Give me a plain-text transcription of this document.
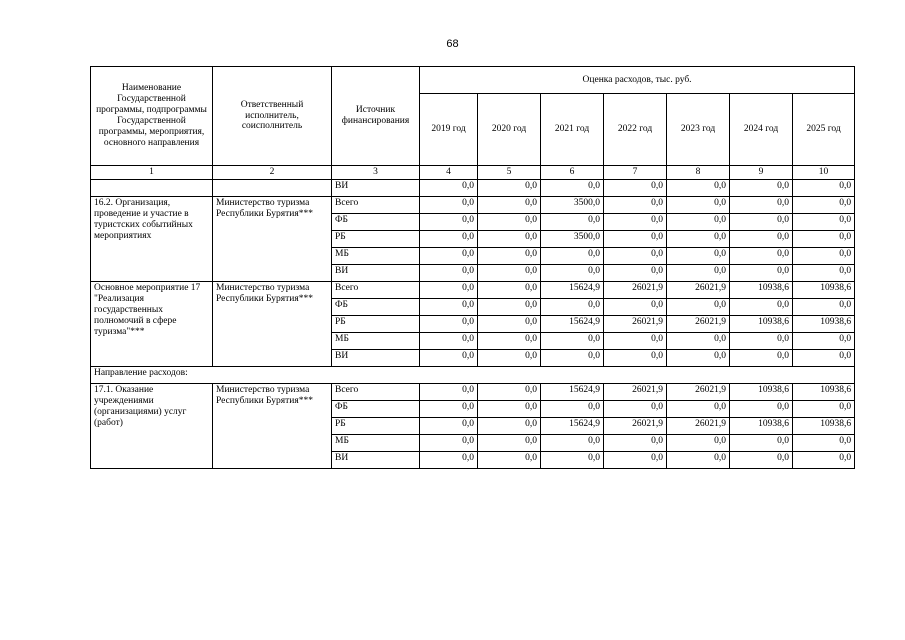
68
Наименование Государственной программы, подпрограммы Государственной программы, мероприятия, основного направления	Ответственный исполнитель, соисполнитель	Источник финансирования	Оценка расходов, тыс. руб.						
			2019 год	2020 год	2021 год	2022 год	2023 год	2024 год	2025 год
1	2	3	4	5	6	7	8	9	10
		ВИ	0,0	0,0	0,0	0,0	0,0	0,0	0,0
16.2. Организация, проведение и участие в туристских событийных мероприятиях	Министерство туризма Республики Бурятия***	Всего	0,0	0,0	3500,0	0,0	0,0	0,0	0,0
		ФБ	0,0	0,0	0,0	0,0	0,0	0,0	0,0
		РБ	0,0	0,0	3500,0	0,0	0,0	0,0	0,0
		МБ	0,0	0,0	0,0	0,0	0,0	0,0	0,0
		ВИ	0,0	0,0	0,0	0,0	0,0	0,0	0,0
Основное мероприятие 17 "Реализация государственных полномочий в сфере туризма"***	Министерство туризма Республики Бурятия***	Всего	0,0	0,0	15624,9	26021,9	26021,9	10938,6	10938,6
		ФБ	0,0	0,0	0,0	0,0	0,0	0,0	0,0
		РБ	0,0	0,0	15624,9	26021,9	26021,9	10938,6	10938,6
		МБ	0,0	0,0	0,0	0,0	0,0	0,0	0,0
		ВИ	0,0	0,0	0,0	0,0	0,0	0,0	0,0
Направление расходов:									
17.1. Оказание учреждениями (организациями) услуг (работ)	Министерство туризма Республики Бурятия***	Всего	0,0	0,0	15624,9	26021,9	26021,9	10938,6	10938,6
		ФБ	0,0	0,0	0,0	0,0	0,0	0,0	0,0
		РБ	0,0	0,0	15624,9	26021,9	26021,9	10938,6	10938,6
		МБ	0,0	0,0	0,0	0,0	0,0	0,0	0,0
		ВИ	0,0	0,0	0,0	0,0	0,0	0,0	0,0
